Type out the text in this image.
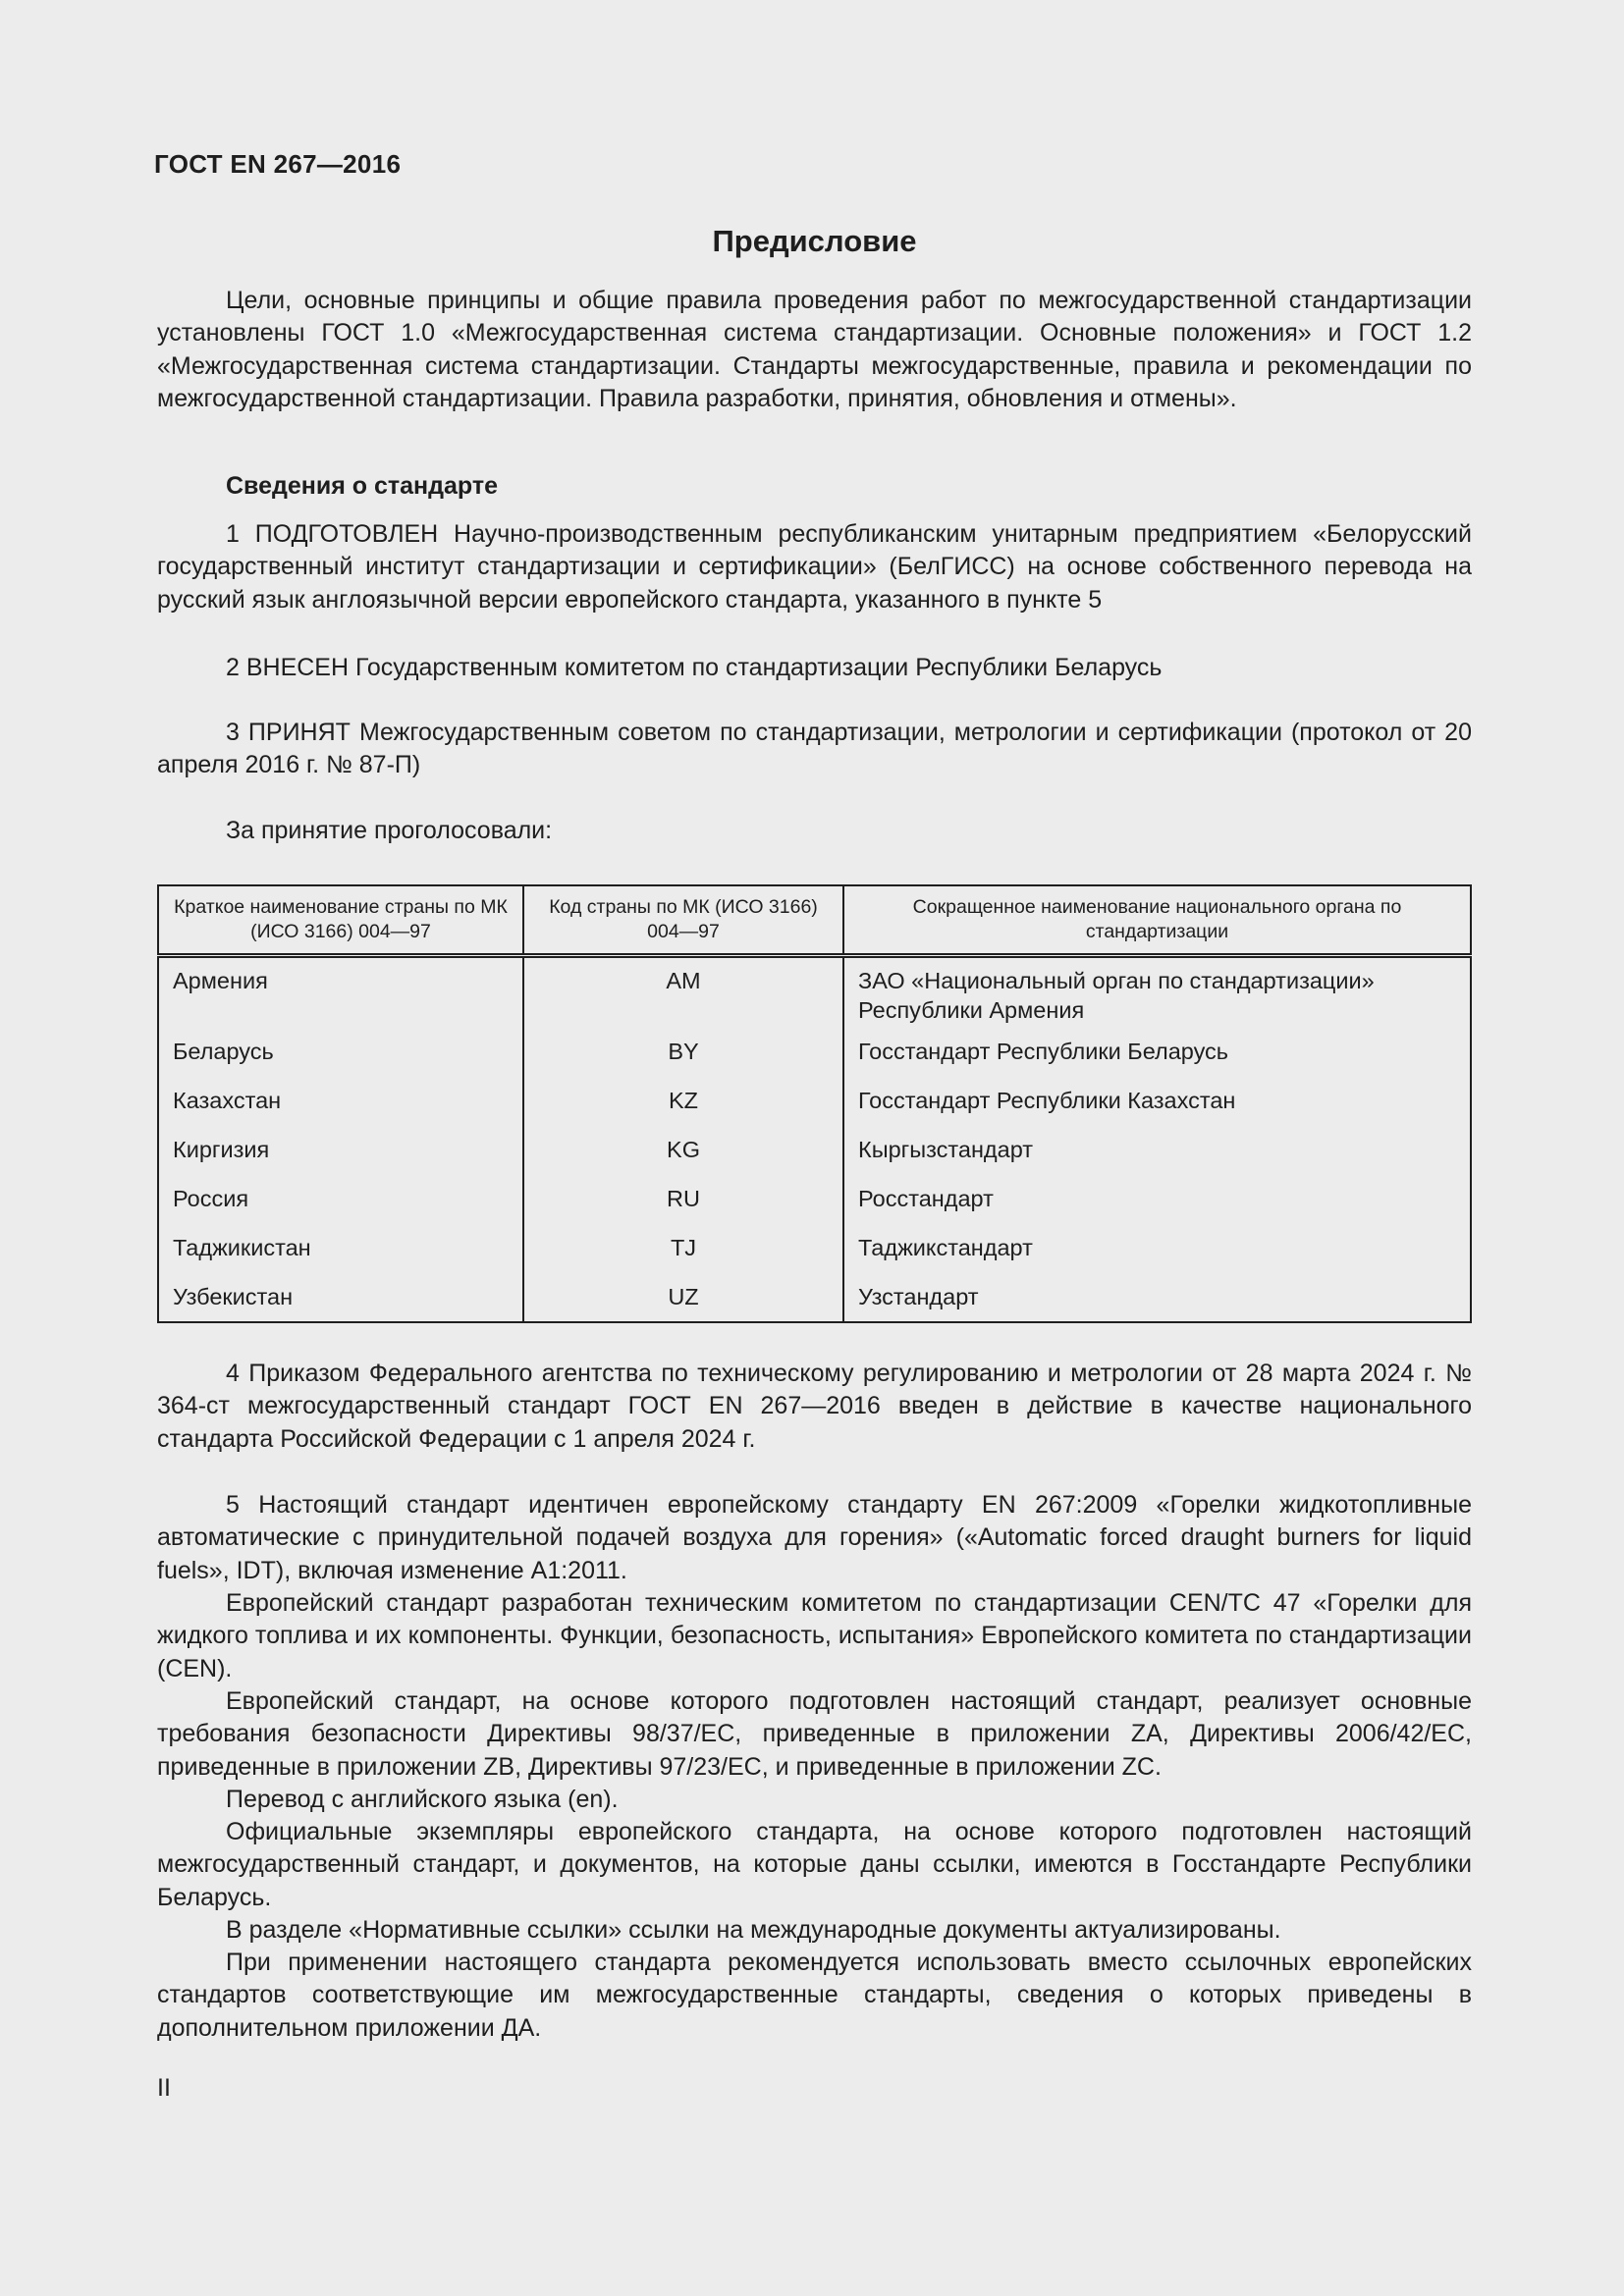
ГОСТ EN 267—2016
Предисловие

Цели, основные принципы и общие правила проведения работ по межгосударственной стандартизации установлены ГОСТ 1.0 «Межгосударственная система стандартизации. Основные положения» и ГОСТ 1.2 «Межгосударственная система стандартизации. Стандарты межгосударственные, правила и рекомендации по межгосударственной стандартизации. Правила разработки, принятия, обновления и отмены».

Сведения о стандарте

1 ПОДГОТОВЛЕН Научно-производственным республиканским унитарным предприятием «Белорусский государственный институт стандартизации и сертификации» (БелГИСС) на основе собственного перевода на русский язык англоязычной версии европейского стандарта, указанного в пункте 5

2 ВНЕСЕН Государственным комитетом по стандартизации Республики Беларусь

3 ПРИНЯТ Межгосударственным советом по стандартизации, метрологии и сертификации (протокол от 20 апреля 2016 г. № 87-П)

За принятие проголосовали:

Краткое наименование страны по МК (ИСО 3166) 004—97	Код страны по МК (ИСО 3166) 004—97	Сокращенное наименование национального органа по стандартизации
Армения	AM	ЗАО «Национальный орган по стандартизации» Республики Армения
Беларусь	BY	Госстандарт Республики Беларусь
Казахстан	KZ	Госстандарт Республики Казахстан
Киргизия	KG	Кыргызстандарт
Россия	RU	Росстандарт
Таджикистан	TJ	Таджикстандарт
Узбекистан	UZ	Узстандарт

4 Приказом Федерального агентства по техническому регулированию и метрологии от 28 марта 2024 г. № 364-ст межгосударственный стандарт ГОСТ EN 267—2016 введен в действие в качестве национального стандарта Российской Федерации с 1 апреля 2024 г.

5 Настоящий стандарт идентичен европейскому стандарту EN 267:2009 «Горелки жидкотопливные автоматические с принудительной подачей воздуха для горения» («Automatic forced draught burners for liquid fuels», IDT), включая изменение A1:2011.

Европейский стандарт разработан техническим комитетом по стандартизации CEN/TC 47 «Горелки для жидкого топлива и их компоненты. Функции, безопасность, испытания» Европейского комитета по стандартизации (CEN).

Европейский стандарт, на основе которого подготовлен настоящий стандарт, реализует основные требования безопасности Директивы 98/37/ЕС, приведенные в приложении ZA, Директивы 2006/42/ЕС, приведенные в приложении ZB, Директивы 97/23/ЕС, и приведенные в приложении ZC.

Перевод с английского языка (en).

Официальные экземпляры европейского стандарта, на основе которого подготовлен настоящий межгосударственный стандарт, и документов, на которые даны ссылки, имеются в Госстандарте Республики Беларусь.

В разделе «Нормативные ссылки» ссылки на международные документы актуализированы.

При применении настоящего стандарта рекомендуется использовать вместо ссылочных европейских стандартов соответствующие им межгосударственные стандарты, сведения о которых приведены в дополнительном приложении ДА.

II
